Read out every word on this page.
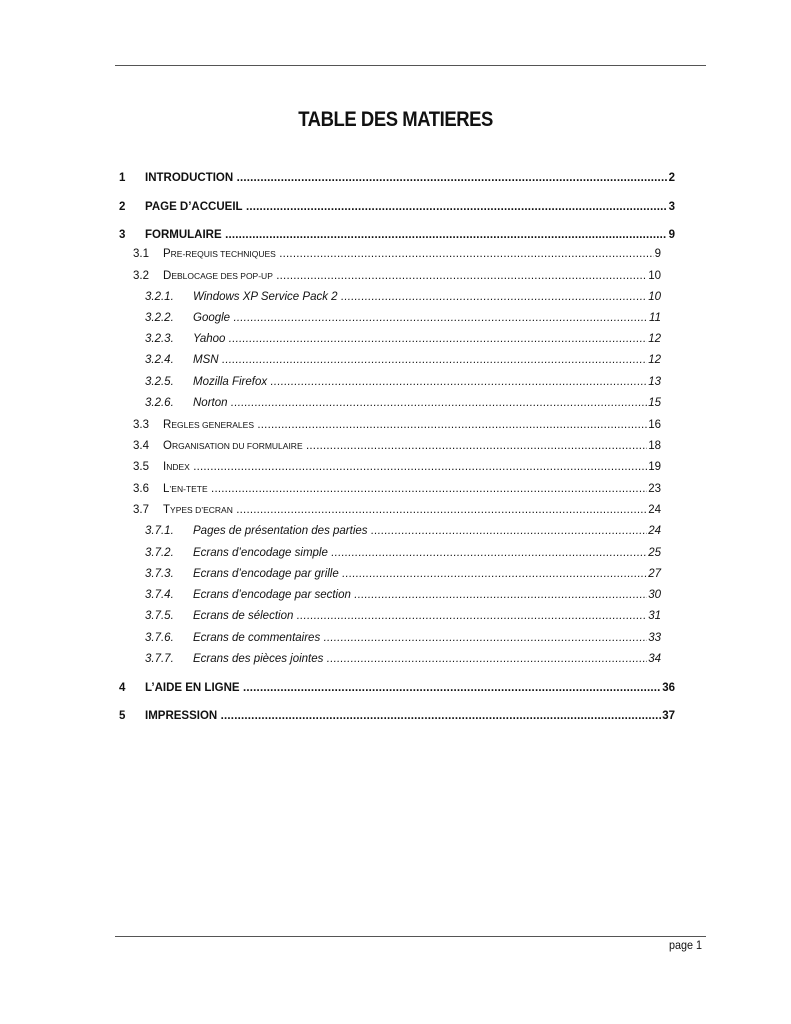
TABLE DES MATIERES
1 INTRODUCTION .....	2
2 PAGE D’ACCUEIL .....	3
3 FORMULAIRE .....	9
3.1 PRE-REQUIS TECHNIQUES .....	9
3.2 DEBLOCAGE DES POP-UP .....	10
3.2.1. Windows XP Service Pack 2 .....	10
3.2.2. Google .....	11
3.2.3. Yahoo .....	12
3.2.4. MSN .....	12
3.2.5. Mozilla Firefox .....	13
3.2.6. Norton .....	15
3.3 REGLES GENERALES .....	16
3.4 ORGANISATION DU FORMULAIRE .....	18
3.5 INDEX .....	19
3.6 L’EN-TETE .....	23
3.7 TYPES D’ECRAN .....	24
3.7.1. Pages de présentation des parties .....	24
3.7.2. Ecrans d’encodage simple .....	25
3.7.3. Ecrans d’encodage par grille .....	27
3.7.4. Ecrans d’encodage par section .....	30
3.7.5. Ecrans de sélection .....	31
3.7.6. Ecrans de commentaires .....	33
3.7.7. Ecrans des pièces jointes .....	34
4 L’AIDE EN LIGNE .....	36
5 IMPRESSION .....	37
page 1
